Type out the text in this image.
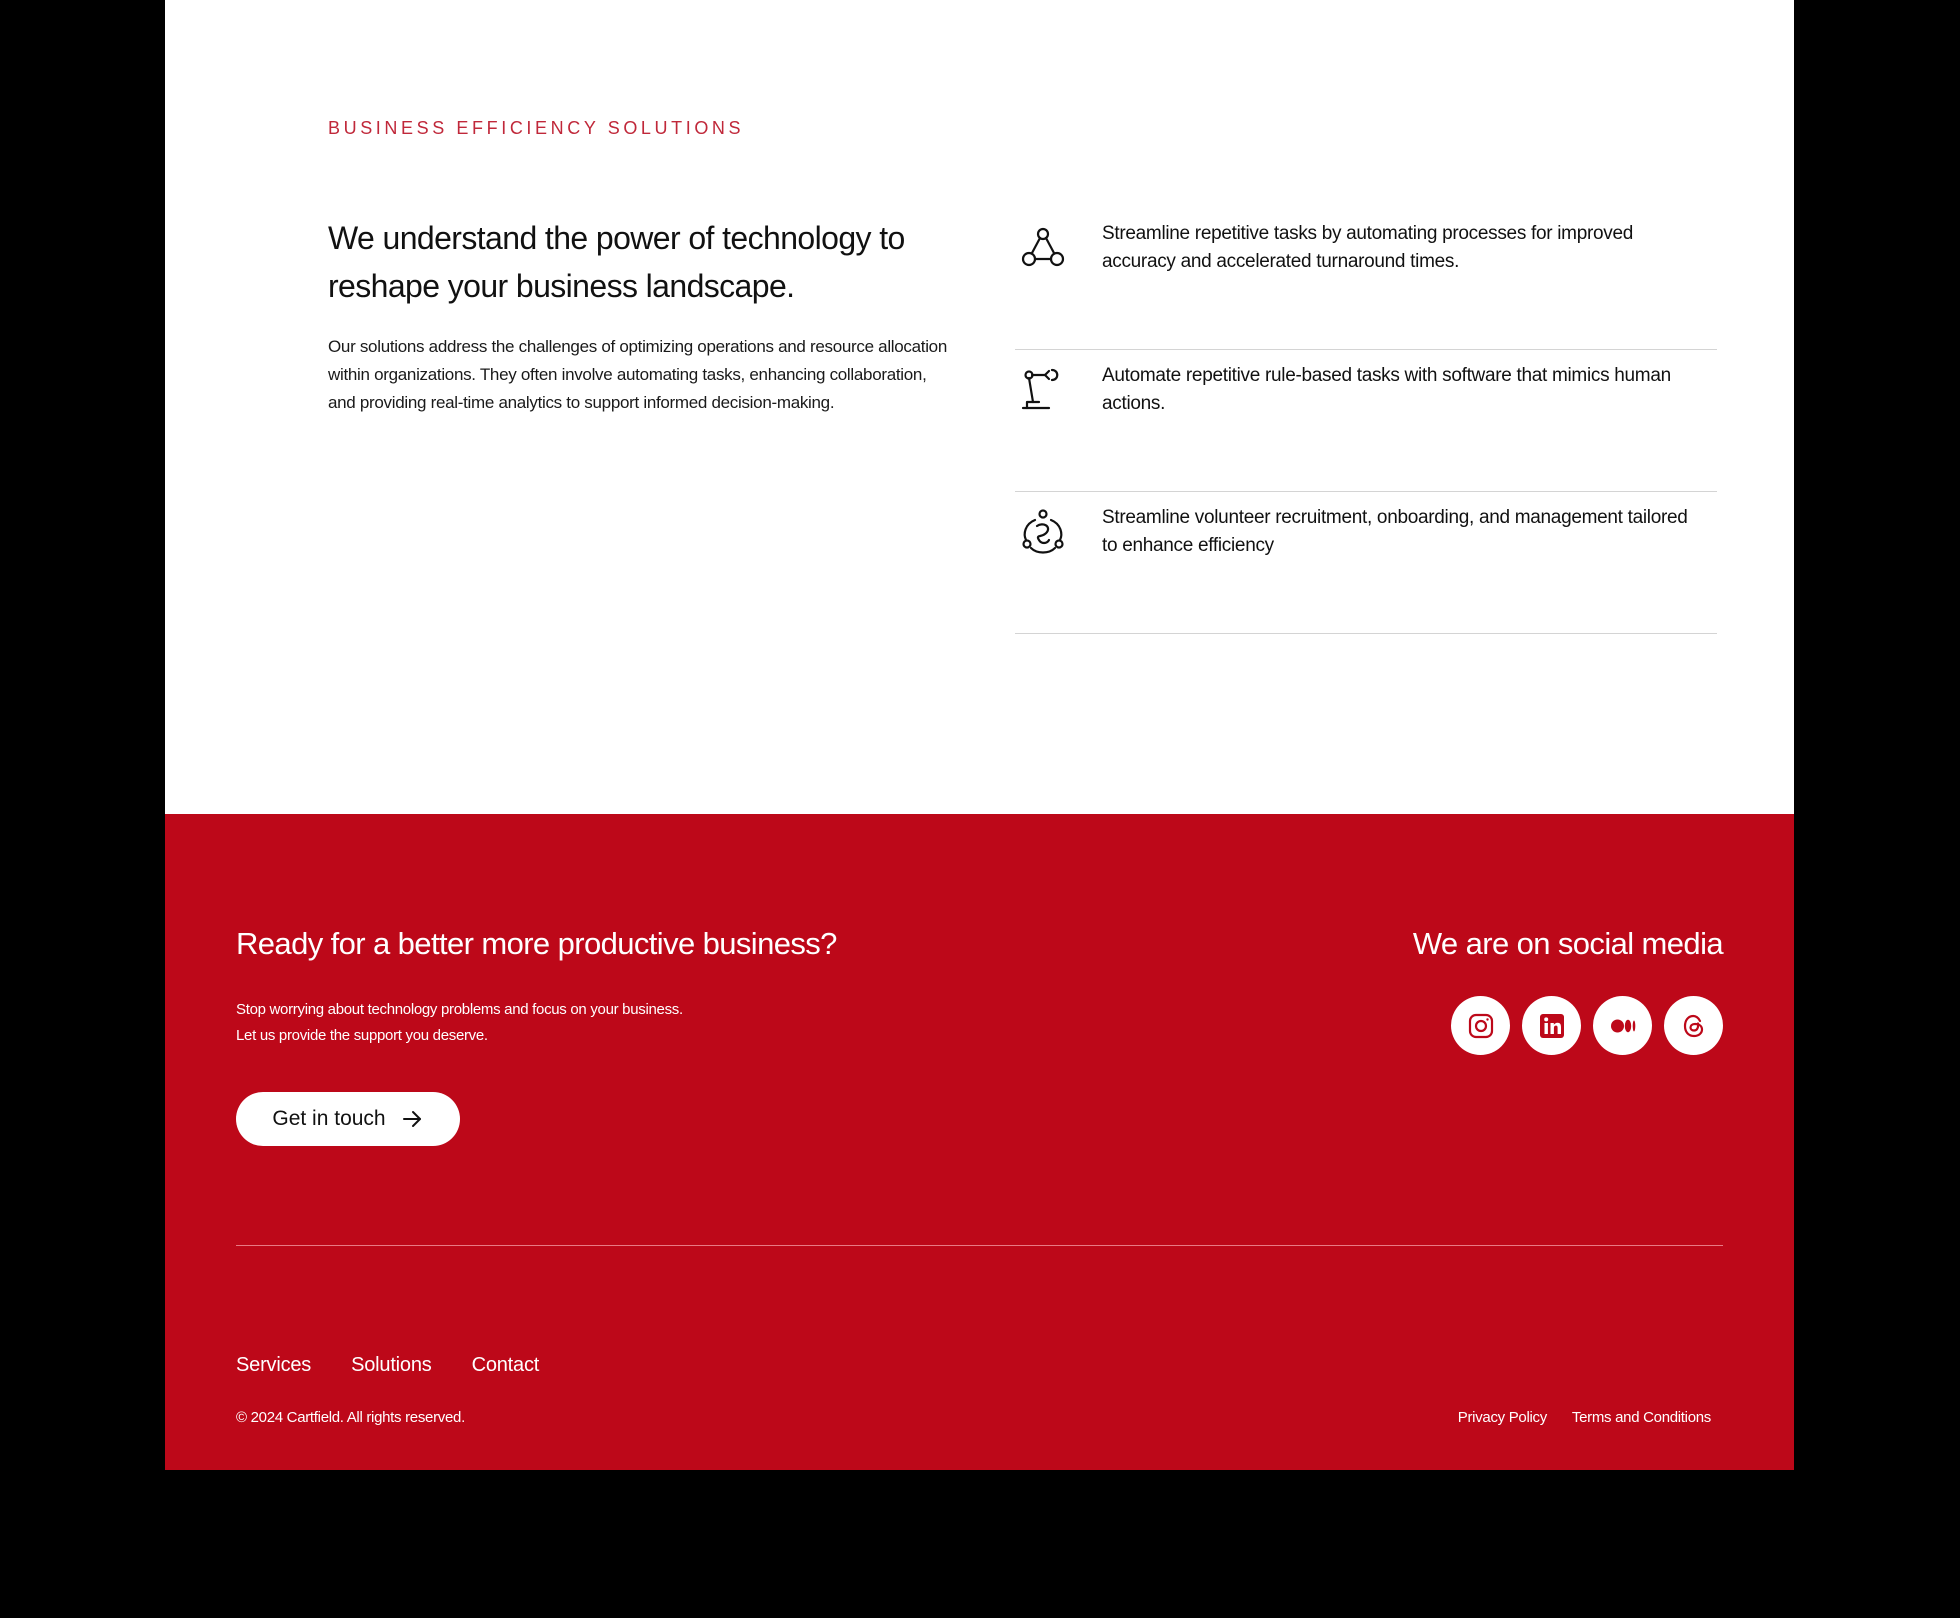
BUSINESS EFFICIENCY SOLUTIONS

We understand the power of technology to reshape your business landscape.

Our solutions address the challenges of optimizing operations and resource allocation within organizations. They often involve automating tasks, enhancing collaboration, and providing real-time analytics to support informed decision-making.

Streamline repetitive tasks by automating processes for improved accuracy and accelerated turnaround times.

Automate repetitive rule-based tasks with software that mimics human actions.

Streamline volunteer recruitment, onboarding, and management tailored to enhance efficiency

Ready for a better more productive business?

Stop worrying about technology problems and focus on your business.
Let us provide the support you deserve.

Get in touch
We are on social media
Services Solutions Contact

© 2024 Cartfield. All rights reserved.	Privacy Policy Terms and Conditions
